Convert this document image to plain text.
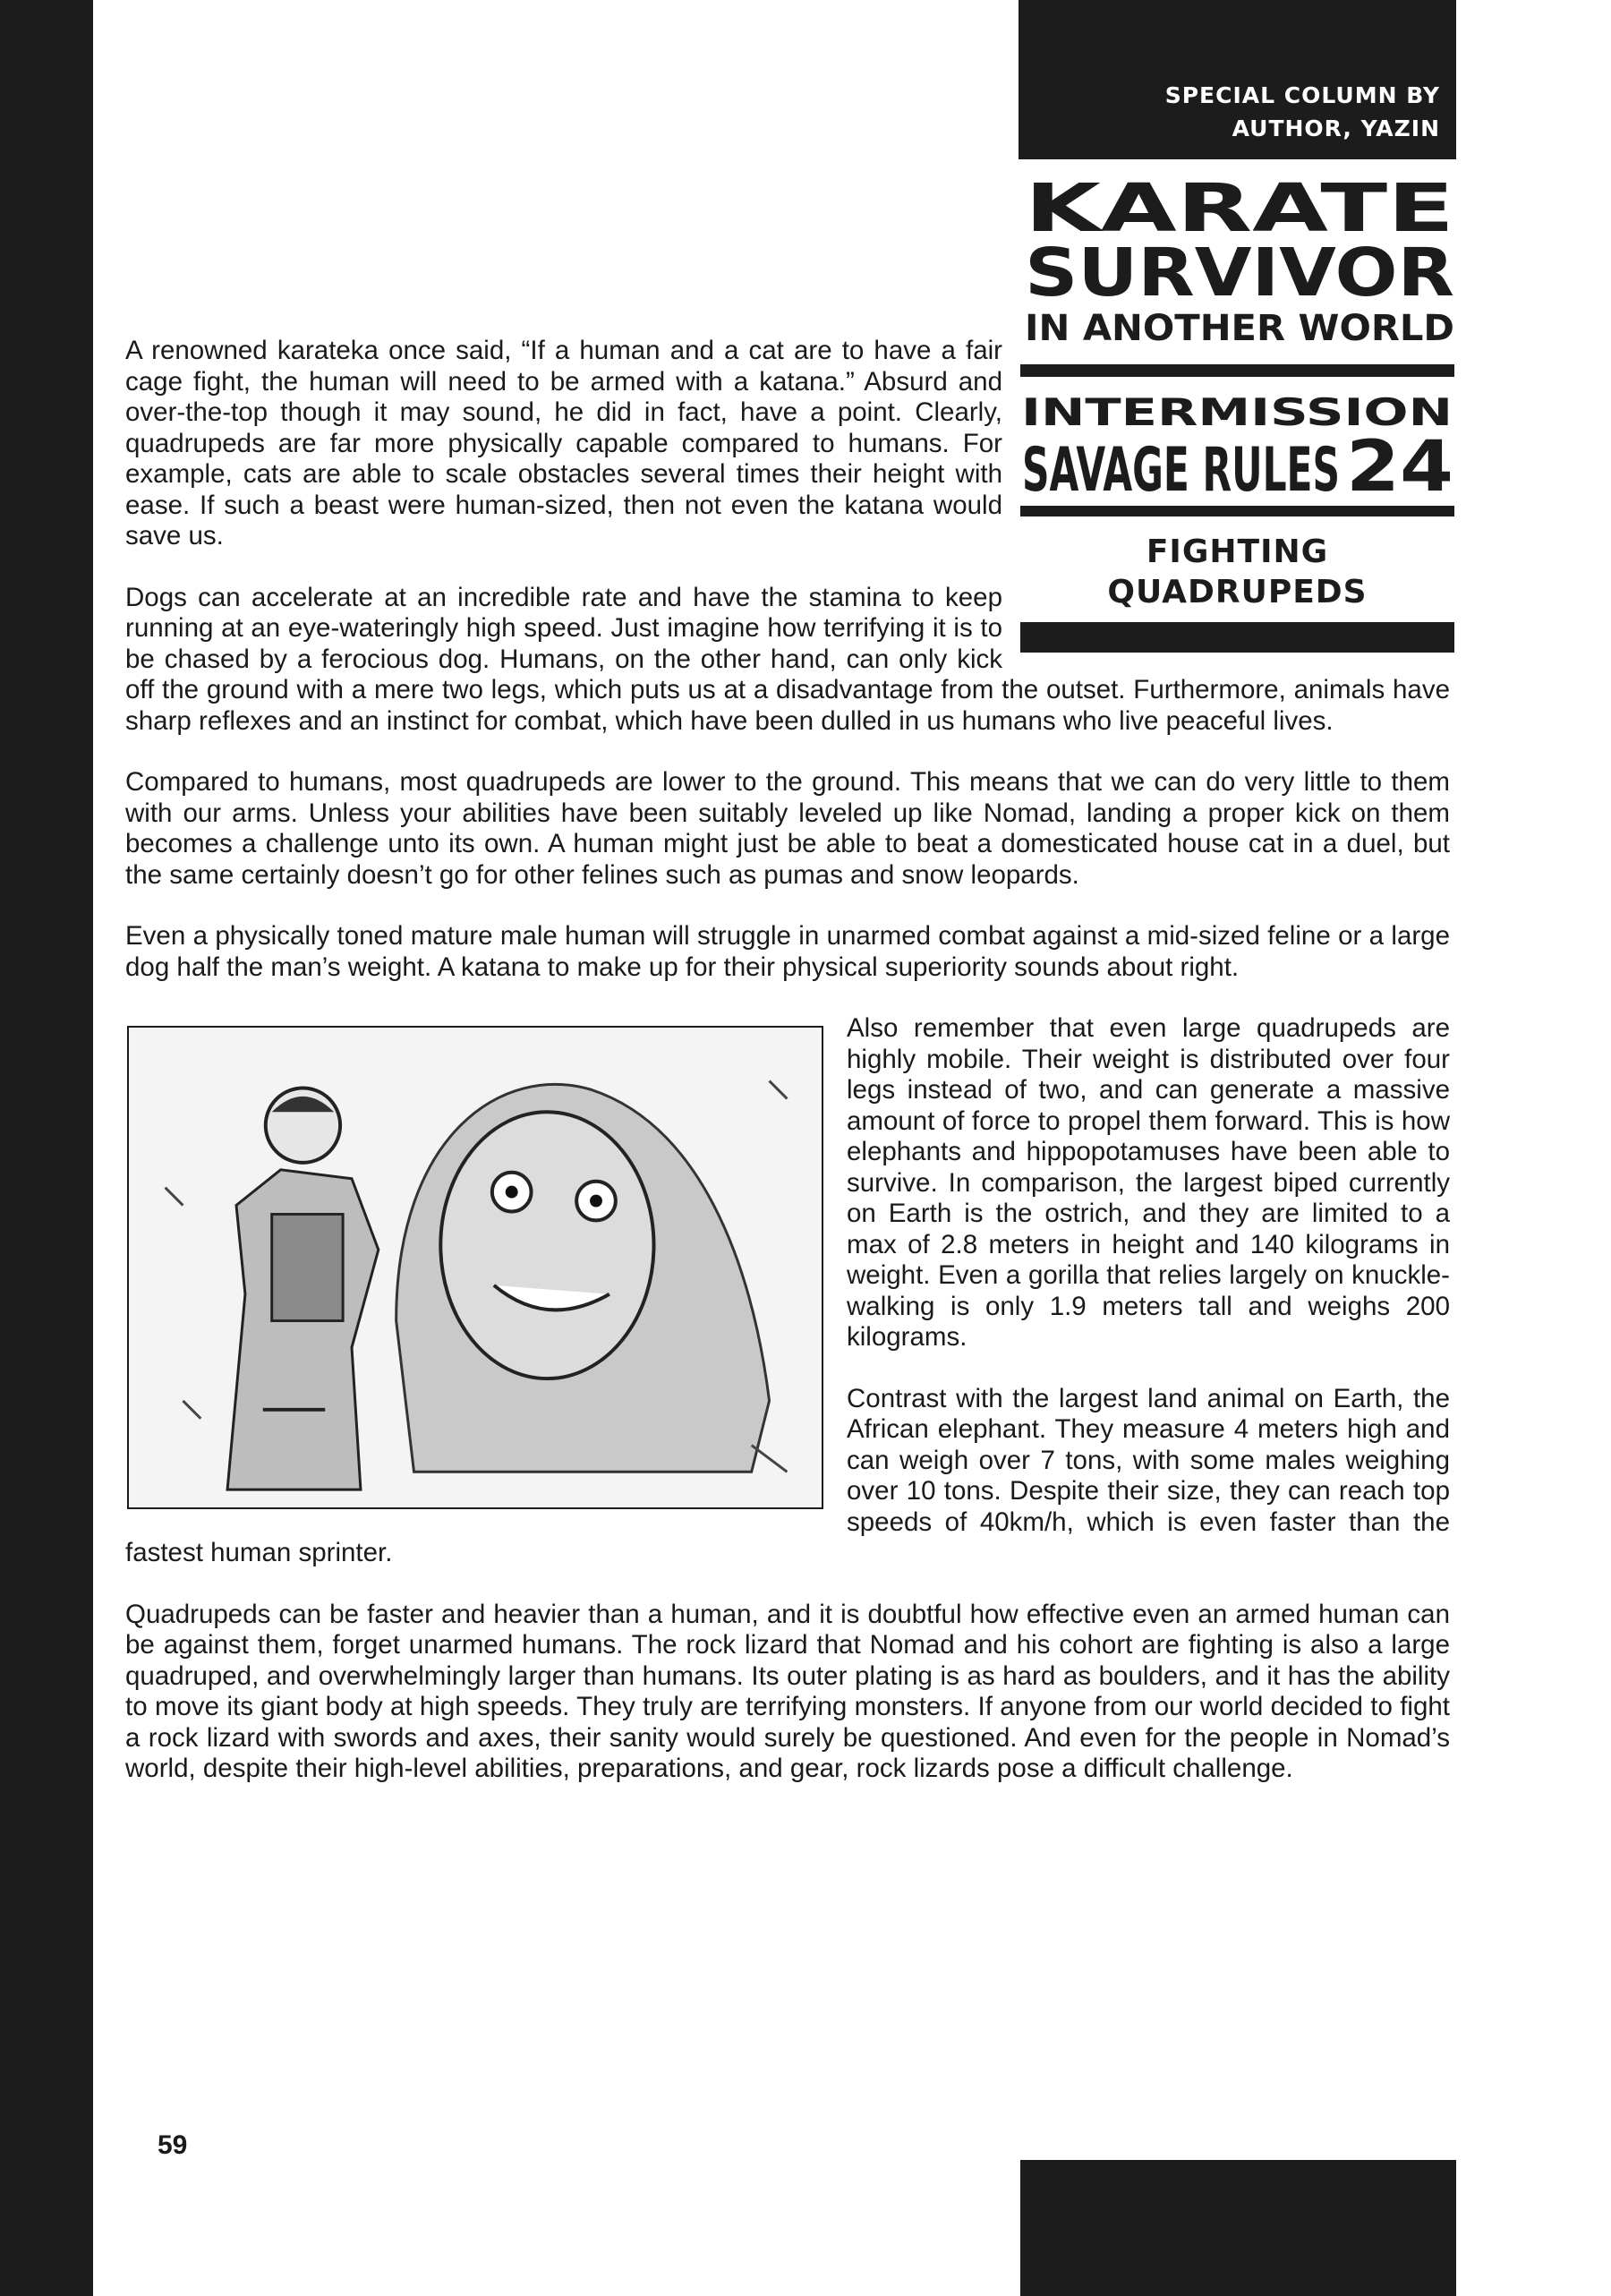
SPECIAL COLUMN BY
AUTHOR, YAZIN
KARATE
SURVIVOR
IN ANOTHER WORLD
INTERMISSION
SAVAGE RULES 24
FIGHTING
QUADRUPEDS

A renowned karateka once said, “If a human and a cat are to have a fair cage fight, the human will need to be armed with a katana.” Absurd and over-the-top though it may sound, he did in fact, have a point. Clearly, quadrupeds are far more physically capable compared to humans. For example, cats are able to scale obstacles several times their height with ease. If such a beast were human-sized, then not even the katana would save us.

Dogs can accelerate at an incredible rate and have the stamina to keep running at an eye-wateringly high speed. Just imagine how terrifying it is to be chased by a ferocious dog. Humans, on the other hand, can only kick off the ground with a mere two legs, which puts us at a disadvantage from the outset. Furthermore, animals have sharp reflexes and an instinct for combat, which have been dulled in us humans who live peaceful lives.

Compared to humans, most quadrupeds are lower to the ground. This means that we can do very little to them with our arms. Unless your abilities have been suitably leveled up like Nomad, landing a proper kick on them becomes a challenge unto its own. A human might just be able to beat a domesticated house cat in a duel, but the same certainly doesn’t go for other felines such as pumas and snow leopards.

Even a physically toned mature male human will struggle in unarmed combat against a mid-sized feline or a large dog half the man’s weight. A katana to make up for their physical superiority sounds about right.

Also remember that even large quadrupeds are highly mobile. Their weight is distributed over four legs instead of two, and can generate a massive amount of force to propel them forward. This is how elephants and hippopotamuses have been able to survive. In comparison, the largest biped currently on Earth is the ostrich, and they are limited to a max of 2.8 meters in height and 140 kilograms in weight. Even a gorilla that relies largely on knuckle-walking is only 1.9 meters tall and weighs 200 kilograms.

Contrast with the largest land animal on Earth, the African elephant. They measure 4 meters high and can weigh over 7 tons, with some males weighing over 10 tons. Despite their size, they can reach top speeds of 40km/h, which is even faster than the fastest human sprinter.

Quadrupeds can be faster and heavier than a human, and it is doubtful how effective even an armed human can be against them, forget unarmed humans. The rock lizard that Nomad and his cohort are fighting is also a large quadruped, and overwhelmingly larger than humans. Its outer plating is as hard as boulders, and it has the ability to move its giant body at high speeds. They truly are terrifying monsters. If anyone from our world decided to fight a rock lizard with swords and axes, their sanity would surely be questioned. And even for the people in Nomad’s world, despite their high-level abilities, preparations, and gear, rock lizards pose a difficult challenge.

59
